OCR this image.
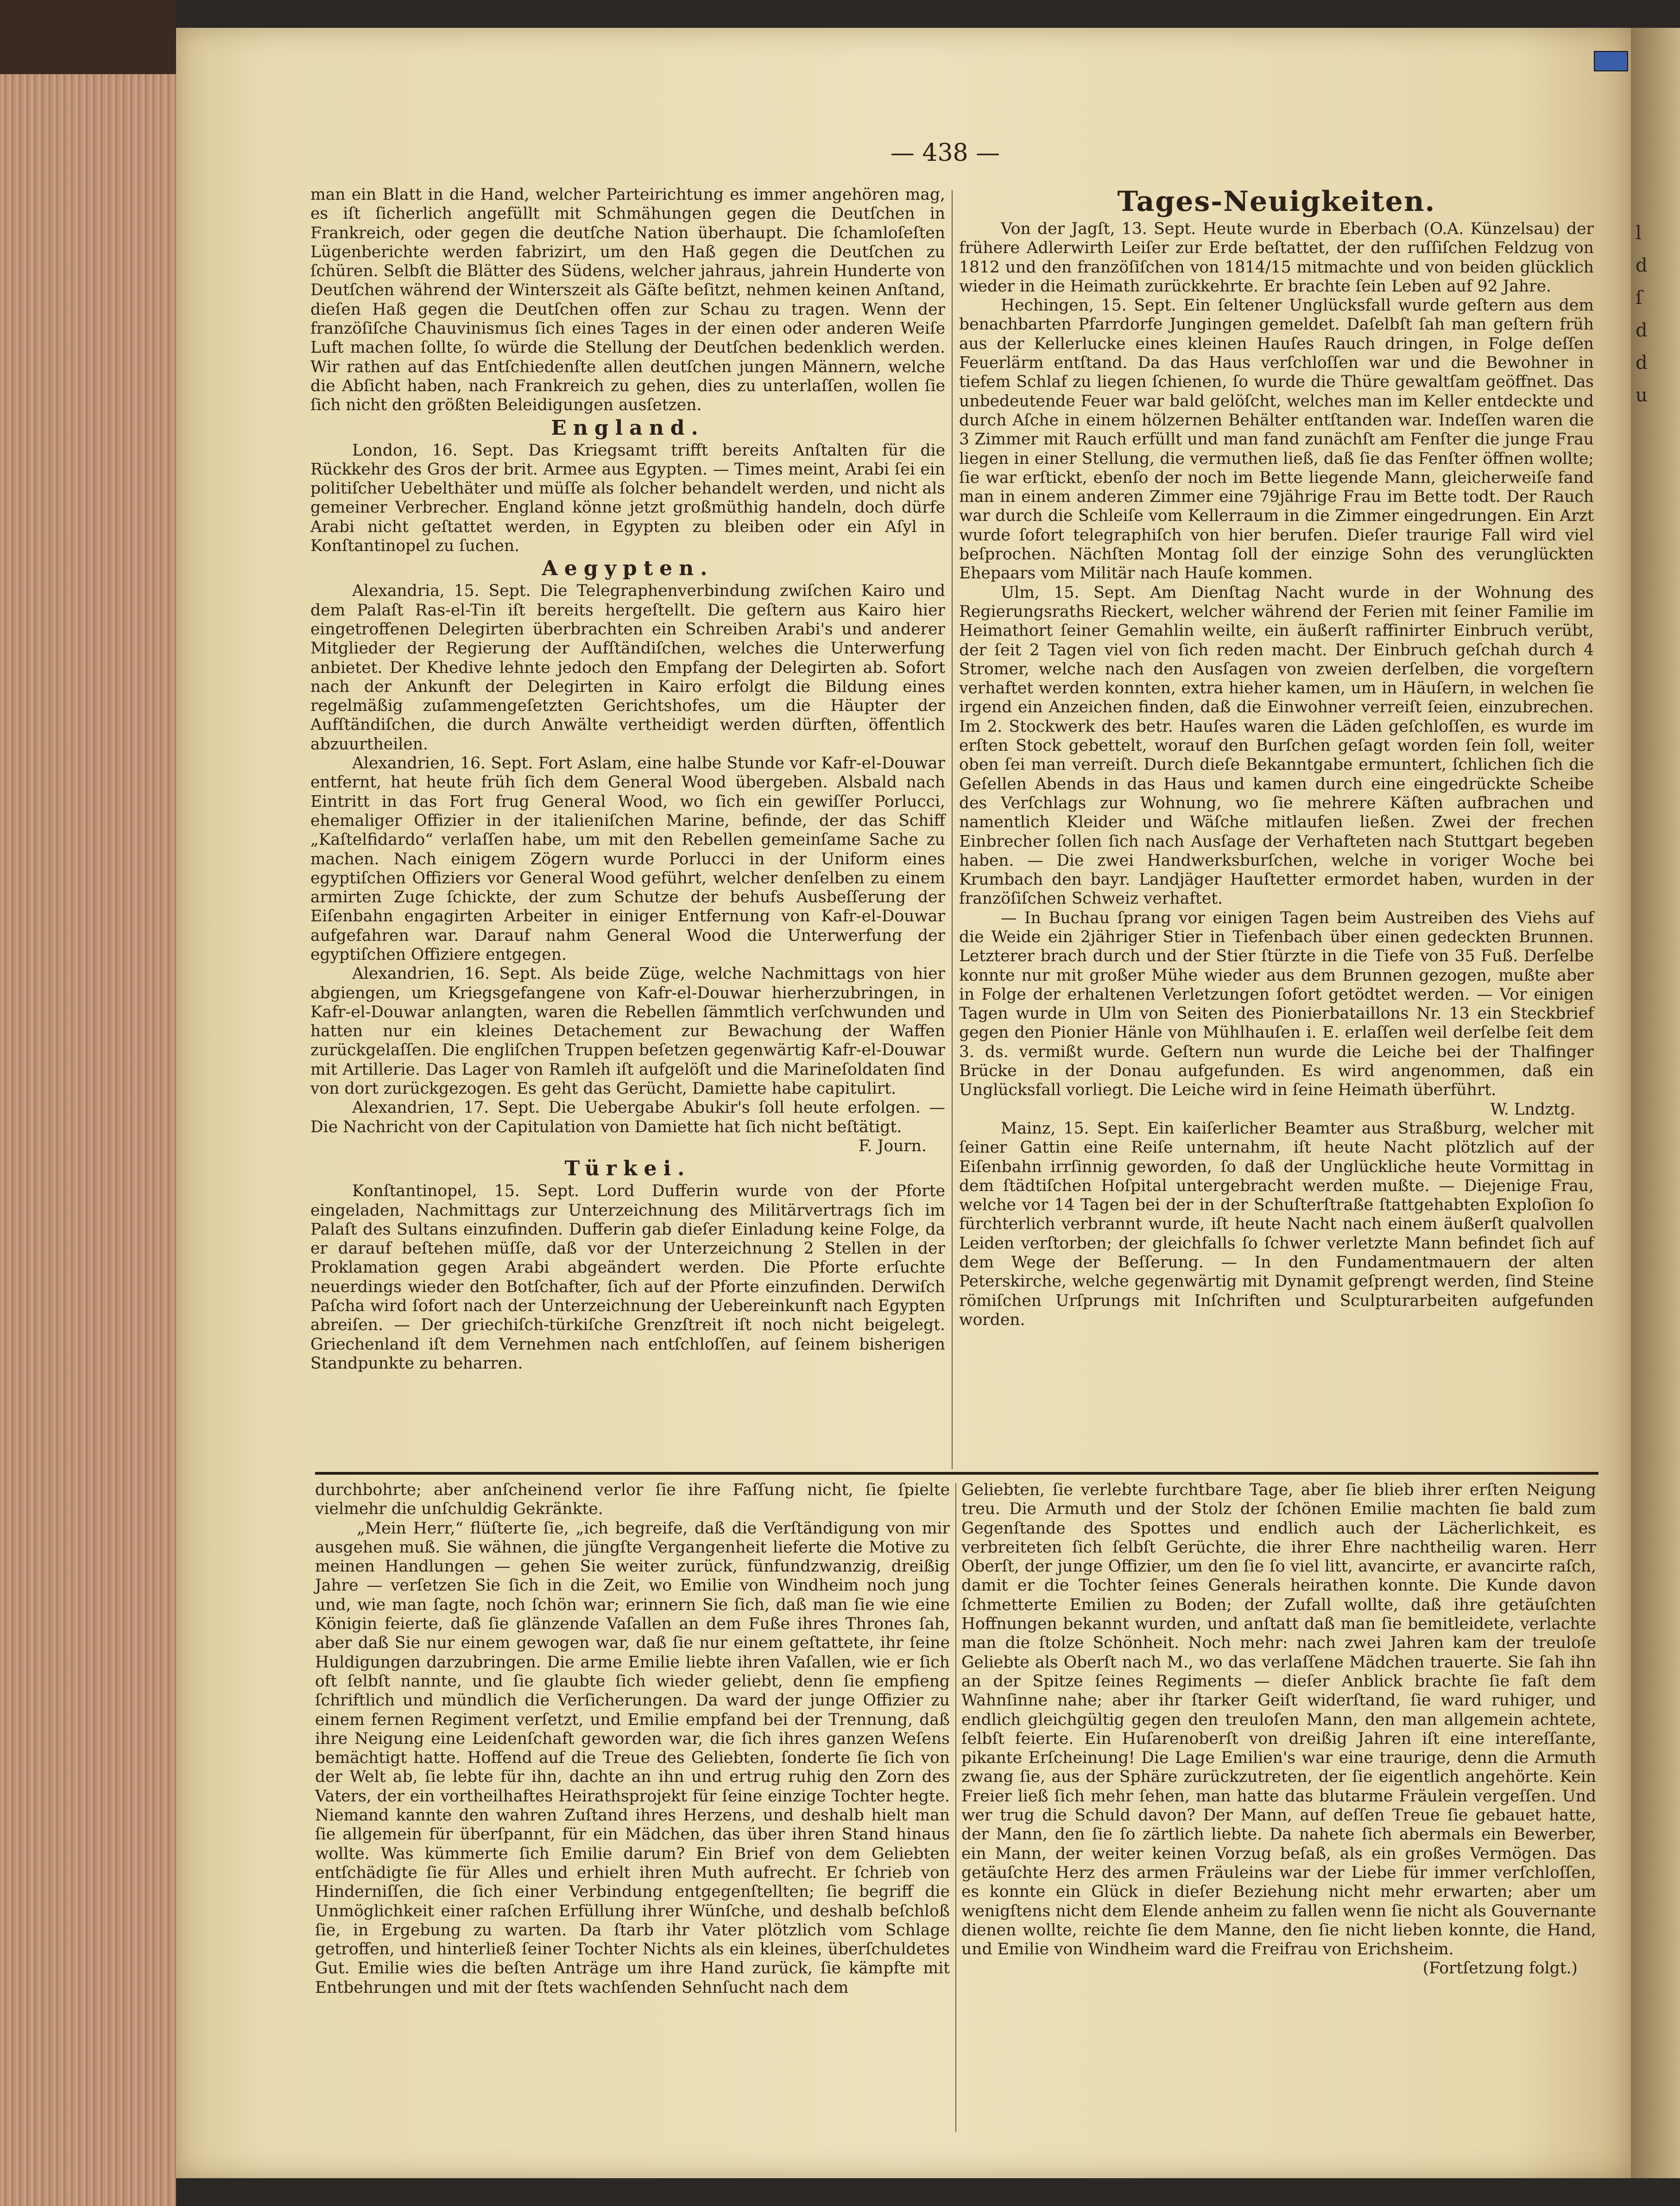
l
d
ſ
d
d
u
— 438 —

man ein Blatt in die Hand, welcher Parteirichtung es immer angehören mag, es iſt ſicherlich angefüllt mit Schmähungen gegen die Deutſchen in Frankreich, oder gegen die deutſche Nation überhaupt. Die ſchamloſeſten Lügenberichte werden fabrizirt, um den Haß gegen die Deutſchen zu ſchüren. Selbſt die Blätter des Südens, welcher jahraus, jahrein Hunderte von Deutſchen während der Winterszeit als Gäſte beſitzt, nehmen keinen Anſtand, dieſen Haß gegen die Deutſchen offen zur Schau zu tragen. Wenn der franzöſiſche Chauvinismus ſich eines Tages in der einen oder anderen Weiſe Luft machen ſollte, ſo würde die Stellung der Deutſchen bedenklich werden. Wir rathen auf das Entſchiedenſte allen deutſchen jungen Männern, welche die Abſicht haben, nach Frankreich zu gehen, dies zu unterlaſſen, wollen ſie ſich nicht den größten Beleidigungen ausſetzen.

England.

London, 16. Sept. Das Kriegsamt trifft bereits Anſtalten für die Rückkehr des Gros der brit. Armee aus Egypten. — Times meint, Arabi ſei ein politiſcher Uebelthäter und müſſe als ſolcher behandelt werden, und nicht als gemeiner Verbrecher. England könne jetzt großmüthig handeln, doch dürfe Arabi nicht geſtattet werden, in Egypten zu bleiben oder ein Aſyl in Konſtantinopel zu ſuchen.

Aegypten.

Alexandria, 15. Sept. Die Telegraphenverbindung zwiſchen Kairo und dem Palaſt Ras-el-Tin iſt bereits hergeſtellt. Die geſtern aus Kairo hier eingetroffenen Delegirten überbrachten ein Schreiben Arabi's und anderer Mitglieder der Regierung der Aufſtändiſchen, welches die Unterwerfung anbietet. Der Khedive lehnte jedoch den Empfang der Delegirten ab. Sofort nach der Ankunft der Delegirten in Kairo erfolgt die Bildung eines regelmäßig zuſammengeſetzten Gerichtshofes, um die Häupter der Aufſtändiſchen, die durch Anwälte vertheidigt werden dürften, öffentlich abzuurtheilen.

Alexandrien, 16. Sept. Fort Aslam, eine halbe Stunde vor Kafr-el-Douwar entfernt, hat heute früh ſich dem General Wood übergeben. Alsbald nach Eintritt in das Fort frug General Wood, wo ſich ein gewiſſer Porlucci, ehemaliger Offizier in der italieniſchen Marine, befinde, der das Schiff „Kaſtelfidardo“ verlaſſen habe, um mit den Rebellen gemeinſame Sache zu machen. Nach einigem Zögern wurde Porlucci in der Uniform eines egyptiſchen Offiziers vor General Wood geführt, welcher denſelben zu einem armirten Zuge ſchickte, der zum Schutze der behufs Ausbeſſerung der Eiſenbahn engagirten Arbeiter in einiger Entfernung von Kafr-el-Douwar aufgefahren war. Darauf nahm General Wood die Unterwerfung der egyptiſchen Offiziere entgegen.

Alexandrien, 16. Sept. Als beide Züge, welche Nachmittags von hier abgiengen, um Kriegsgefangene von Kafr-el-Douwar hierherzubringen, in Kafr-el-Douwar anlangten, waren die Rebellen ſämmtlich verſchwunden und hatten nur ein kleines Detachement zur Bewachung der Waffen zurückgelaſſen. Die engliſchen Truppen beſetzen gegenwärtig Kafr-el-Douwar mit Artillerie. Das Lager von Ramleh iſt aufgelöſt und die Marineſoldaten ſind von dort zurückgezogen. Es geht das Gerücht, Damiette habe capitulirt.

Alexandrien, 17. Sept. Die Uebergabe Abukir's ſoll heute erfolgen. — Die Nachricht von der Capitulation von Damiette hat ſich nicht beſtätigt.

F. Journ.

Türkei.

Konſtantinopel, 15. Sept. Lord Dufferin wurde von der Pforte eingeladen, Nachmittags zur Unterzeichnung des Militärvertrags ſich im Palaſt des Sultans einzufinden. Dufferin gab dieſer Einladung keine Folge, da er darauf beſtehen müſſe, daß vor der Unterzeichnung 2 Stellen in der Proklamation gegen Arabi abgeändert werden. Die Pforte erſuchte neuerdings wieder den Botſchafter, ſich auf der Pforte einzufinden. Derwiſch Paſcha wird ſofort nach der Unterzeichnung der Uebereinkunft nach Egypten abreiſen. — Der griechiſch-türkiſche Grenzſtreit iſt noch nicht beigelegt. Griechenland iſt dem Vernehmen nach entſchloſſen, auf ſeinem bisherigen Standpunkte zu beharren.

Tages-Neuigkeiten.

Von der Jagſt, 13. Sept. Heute wurde in Eberbach (O.A. Künzelsau) der frühere Adlerwirth Leiſer zur Erde beſtattet, der den ruſſiſchen Feldzug von 1812 und den franzöſiſchen von 1814/15 mitmachte und von beiden glücklich wieder in die Heimath zurückkehrte. Er brachte ſein Leben auf 92 Jahre.

Hechingen, 15. Sept. Ein ſeltener Unglücksfall wurde geſtern aus dem benachbarten Pfarrdorfe Jungingen gemeldet. Daſelbſt ſah man geſtern früh aus der Kellerlucke eines kleinen Hauſes Rauch dringen, in Folge deſſen Feuerlärm entſtand. Da das Haus verſchloſſen war und die Bewohner in tiefem Schlaf zu liegen ſchienen, ſo wurde die Thüre gewaltſam geöffnet. Das unbedeutende Feuer war bald gelöſcht, welches man im Keller entdeckte und durch Aſche in einem hölzernen Behälter entſtanden war. Indeſſen waren die 3 Zimmer mit Rauch erfüllt und man fand zunächſt am Fenſter die junge Frau liegen in einer Stellung, die vermuthen ließ, daß ſie das Fenſter öffnen wollte; ſie war erſtickt, ebenſo der noch im Bette liegende Mann, gleicherweiſe fand man in einem anderen Zimmer eine 79jährige Frau im Bette todt. Der Rauch war durch die Schleiſe vom Kellerraum in die Zimmer eingedrungen. Ein Arzt wurde ſofort telegraphiſch von hier berufen. Dieſer traurige Fall wird viel beſprochen. Nächſten Montag ſoll der einzige Sohn des verunglückten Ehepaars vom Militär nach Hauſe kommen.

Ulm, 15. Sept. Am Dienſtag Nacht wurde in der Wohnung des Regierungsraths Rieckert, welcher während der Ferien mit ſeiner Familie im Heimathort ſeiner Gemahlin weilte, ein äußerſt raffinirter Einbruch verübt, der ſeit 2 Tagen viel von ſich reden macht. Der Einbruch geſchah durch 4 Stromer, welche nach den Ausſagen von zweien derſelben, die vorgeſtern verhaftet werden konnten, extra hieher kamen, um in Häuſern, in welchen ſie irgend ein Anzeichen finden, daß die Einwohner verreiſt ſeien, einzubrechen. Im 2. Stockwerk des betr. Hauſes waren die Läden geſchloſſen, es wurde im erſten Stock gebettelt, worauf den Burſchen geſagt worden ſein ſoll, weiter oben ſei man verreiſt. Durch dieſe Bekanntgabe ermuntert, ſchlichen ſich die Geſellen Abends in das Haus und kamen durch eine eingedrückte Scheibe des Verſchlags zur Wohnung, wo ſie mehrere Käſten aufbrachen und namentlich Kleider und Wäſche mitlaufen ließen. Zwei der frechen Einbrecher ſollen ſich nach Ausſage der Verhafteten nach Stuttgart begeben haben. — Die zwei Handwerksburſchen, welche in voriger Woche bei Krumbach den bayr. Landjäger Hauſtetter ermordet haben, wurden in der franzöſiſchen Schweiz verhaftet.

— In Buchau ſprang vor einigen Tagen beim Austreiben des Viehs auf die Weide ein 2jähriger Stier in Tiefenbach über einen gedeckten Brunnen. Letzterer brach durch und der Stier ſtürzte in die Tiefe von 35 Fuß. Derſelbe konnte nur mit großer Mühe wieder aus dem Brunnen gezogen, mußte aber in Folge der erhaltenen Verletzungen ſofort getödtet werden. — Vor einigen Tagen wurde in Ulm von Seiten des Pionierbataillons Nr. 13 ein Steckbrief gegen den Pionier Hänle von Mühlhauſen i. E. erlaſſen weil derſelbe ſeit dem 3. ds. vermißt wurde. Geſtern nun wurde die Leiche bei der Thalfinger Brücke in der Donau aufgefunden. Es wird angenommen, daß ein Unglücksfall vorliegt. Die Leiche wird in ſeine Heimath überführt.

W. Lndztg.

Mainz, 15. Sept. Ein kaiſerlicher Beamter aus Straßburg, welcher mit ſeiner Gattin eine Reiſe unternahm, iſt heute Nacht plötzlich auf der Eiſenbahn irrſinnig geworden, ſo daß der Unglückliche heute Vormittag in dem ſtädtiſchen Hoſpital untergebracht werden mußte. — Diejenige Frau, welche vor 14 Tagen bei der in der Schuſterſtraße ſtattgehabten Exploſion ſo fürchterlich verbrannt wurde, iſt heute Nacht nach einem äußerſt qualvollen Leiden verſtorben; der gleichfalls ſo ſchwer verletzte Mann befindet ſich auf dem Wege der Beſſerung. — In den Fundamentmauern der alten Peterskirche, welche gegenwärtig mit Dynamit geſprengt werden, ſind Steine römiſchen Urſprungs mit Inſchriften und Sculpturarbeiten aufgefunden worden.

durchbohrte; aber anſcheinend verlor ſie ihre Faſſung nicht, ſie ſpielte vielmehr die unſchuldig Gekränkte.

„Mein Herr,“ flüſterte ſie, „ich begreife, daß die Verſtändigung von mir ausgehen muß. Sie wähnen, die jüngſte Vergangenheit lieferte die Motive zu meinen Handlungen — gehen Sie weiter zurück, fünfundzwanzig, dreißig Jahre — verſetzen Sie ſich in die Zeit, wo Emilie von Windheim noch jung und, wie man ſagte, noch ſchön war; erinnern Sie ſich, daß man ſie wie eine Königin feierte, daß ſie glänzende Vaſallen an dem Fuße ihres Thrones ſah, aber daß Sie nur einem gewogen war, daß ſie nur einem geſtattete, ihr ſeine Huldigungen darzubringen. Die arme Emilie liebte ihren Vaſallen, wie er ſich oft ſelbſt nannte, und ſie glaubte ſich wieder geliebt, denn ſie empfieng ſchriftlich und mündlich die Verſicherungen. Da ward der junge Offizier zu einem fernen Regiment verſetzt, und Emilie empfand bei der Trennung, daß ihre Neigung eine Leidenſchaft geworden war, die ſich ihres ganzen Weſens bemächtigt hatte. Hoffend auf die Treue des Geliebten, ſonderte ſie ſich von der Welt ab, ſie lebte für ihn, dachte an ihn und ertrug ruhig den Zorn des Vaters, der ein vortheilhaftes Heirathsprojekt für ſeine einzige Tochter hegte. Niemand kannte den wahren Zuſtand ihres Herzens, und deshalb hielt man ſie allgemein für überſpannt, für ein Mädchen, das über ihren Stand hinaus wollte. Was kümmerte ſich Emilie darum? Ein Brief von dem Geliebten entſchädigte ſie für Alles und erhielt ihren Muth aufrecht. Er ſchrieb von Hinderniſſen, die ſich einer Verbindung entgegenſtellten; ſie begriff die Unmöglichkeit einer raſchen Erfüllung ihrer Wünſche, und deshalb beſchloß ſie, in Ergebung zu warten. Da ſtarb ihr Vater plötzlich vom Schlage getroffen, und hinterließ ſeiner Tochter Nichts als ein kleines, überſchuldetes Gut. Emilie wies die beſten Anträge um ihre Hand zurück, ſie kämpfte mit Entbehrungen und mit der ſtets wachſenden Sehnſucht nach dem

Geliebten, ſie verlebte furchtbare Tage, aber ſie blieb ihrer erſten Neigung treu. Die Armuth und der Stolz der ſchönen Emilie machten ſie bald zum Gegenſtande des Spottes und endlich auch der Lächerlichkeit, es verbreiteten ſich ſelbſt Gerüchte, die ihrer Ehre nachtheilig waren. Herr Oberſt, der junge Offizier, um den ſie ſo viel litt, avancirte, er avancirte raſch, damit er die Tochter ſeines Generals heirathen konnte. Die Kunde davon ſchmetterte Emilien zu Boden; der Zufall wollte, daß ihre getäuſchten Hoffnungen bekannt wurden, und anſtatt daß man ſie bemitleidete, verlachte man die ſtolze Schönheit. Noch mehr: nach zwei Jahren kam der treuloſe Geliebte als Oberſt nach M., wo das verlaſſene Mädchen trauerte. Sie ſah ihn an der Spitze ſeines Regiments — dieſer Anblick brachte ſie faſt dem Wahnſinne nahe; aber ihr ſtarker Geiſt widerſtand, ſie ward ruhiger, und endlich gleichgültig gegen den treuloſen Mann, den man allgemein achtete, ſelbſt feierte. Ein Huſarenoberſt von dreißig Jahren iſt eine intereſſante, pikante Erſcheinung! Die Lage Emilien's war eine traurige, denn die Armuth zwang ſie, aus der Sphäre zurückzutreten, der ſie eigentlich angehörte. Kein Freier ließ ſich mehr ſehen, man hatte das blutarme Fräulein vergeſſen. Und wer trug die Schuld davon? Der Mann, auf deſſen Treue ſie gebauet hatte, der Mann, den ſie ſo zärtlich liebte. Da nahete ſich abermals ein Bewerber, ein Mann, der weiter keinen Vorzug beſaß, als ein großes Vermögen. Das getäuſchte Herz des armen Fräuleins war der Liebe für immer verſchloſſen, es konnte ein Glück in dieſer Beziehung nicht mehr erwarten; aber um wenigſtens nicht dem Elende anheim zu fallen wenn ſie nicht als Gouvernante dienen wollte, reichte ſie dem Manne, den ſie nicht lieben konnte, die Hand, und Emilie von Windheim ward die Freifrau von Erichsheim.

(Fortſetzung folgt.)
